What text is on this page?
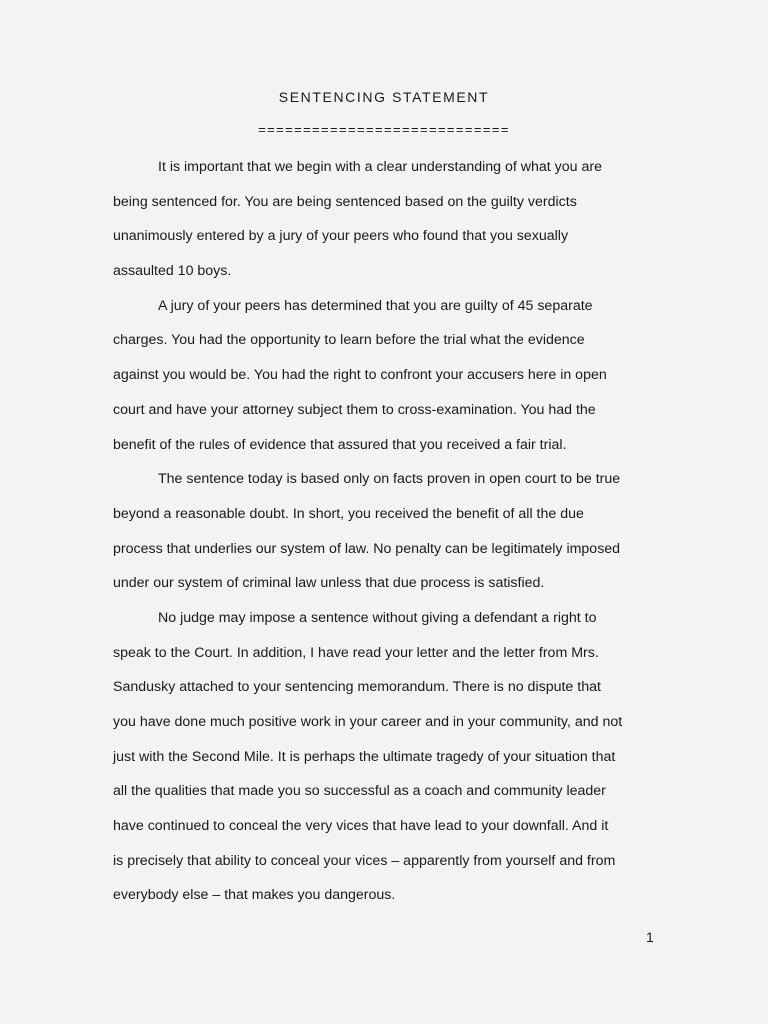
SENTENCING STATEMENT
============================
It is important that we begin with a clear understanding of what you are
being sentenced for. You are being sentenced based on the guilty verdicts
unanimously entered by a jury of your peers who found that you sexually
assaulted 10 boys.
A jury of your peers has determined that you are guilty of 45 separate
charges. You had the opportunity to learn before the trial what the evidence
against you would be. You had the right to confront your accusers here in open
court and have your attorney subject them to cross-examination. You had the
benefit of the rules of evidence that assured that you received a fair trial.
The sentence today is based only on facts proven in open court to be true
beyond a reasonable doubt. In short, you received the benefit of all the due
process that underlies our system of law. No penalty can be legitimately imposed
under our system of criminal law unless that due process is satisfied.
No judge may impose a sentence without giving a defendant a right to
speak to the Court. In addition, I have read your letter and the letter from Mrs.
Sandusky attached to your sentencing memorandum. There is no dispute that
you have done much positive work in your career and in your community, and not
just with the Second Mile. It is perhaps the ultimate tragedy of your situation that
all the qualities that made you so successful as a coach and community leader
have continued to conceal the very vices that have lead to your downfall. And it
is precisely that ability to conceal your vices – apparently from yourself and from
everybody else – that makes you dangerous.
1
